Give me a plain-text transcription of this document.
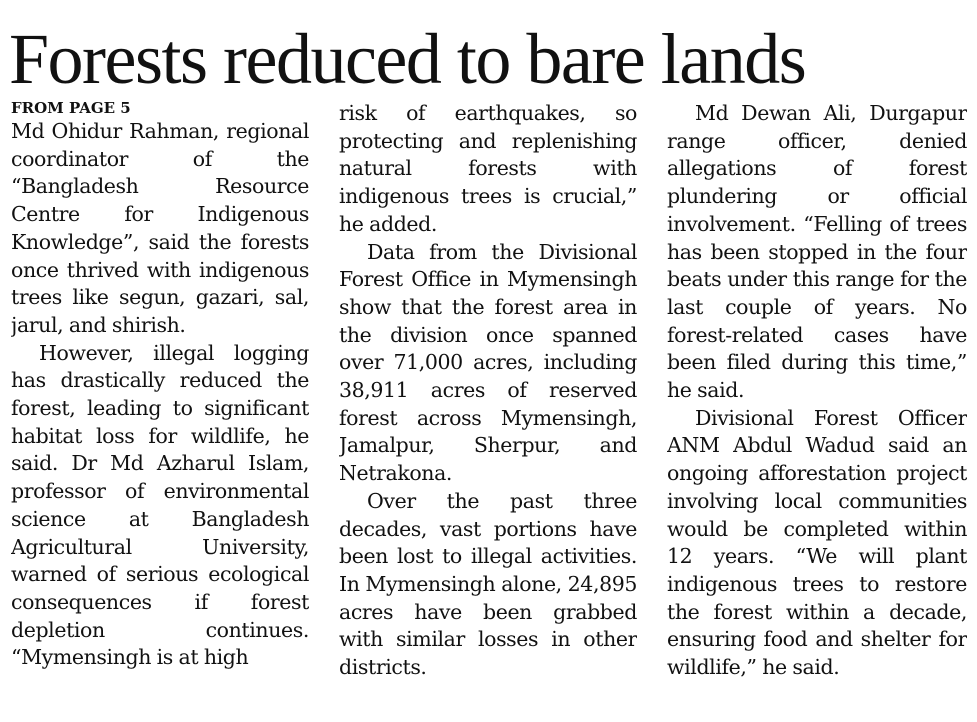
Forests reduced to bare lands
FROM PAGE 5

Md Ohidur Rahman, regional coordinator of the “Bangladesh Resource Centre for Indigenous Knowledge”, said the forests once thrived with indigenous trees like segun, gazari, sal, jarul, and shirish.

However, illegal logging has drastically reduced the forest, leading to significant habitat loss for wildlife, he said. Dr Md Azharul Islam, professor of environmental science at Bangladesh Agricultural University, warned of serious ecological consequences if forest depletion continues. “Mymensingh is at high

risk of earthquakes, so protecting and replenishing natural forests with indigenous trees is crucial,” he added.

Data from the Divisional Forest Office in Mymensingh show that the forest area in the division once spanned over 71,000 acres, including 38,911 acres of reserved forest across Mymensingh, Jamalpur, Sherpur, and Netrakona.

Over the past three decades, vast portions have been lost to illegal activities. In Mymensingh alone, 24,895 acres have been grabbed with similar losses in other districts.

Md Dewan Ali, Durgapur range officer, denied allegations of forest plundering or official involvement. “Felling of trees has been stopped in the four beats under this range for the last couple of years. No forest-related cases have been filed during this time,” he said.

Divisional Forest Officer ANM Abdul Wadud said an ongoing afforestation project involving local communities would be completed within 12 years. “We will plant indigenous trees to restore the forest within a decade, ensuring food and shelter for wildlife,” he said.
